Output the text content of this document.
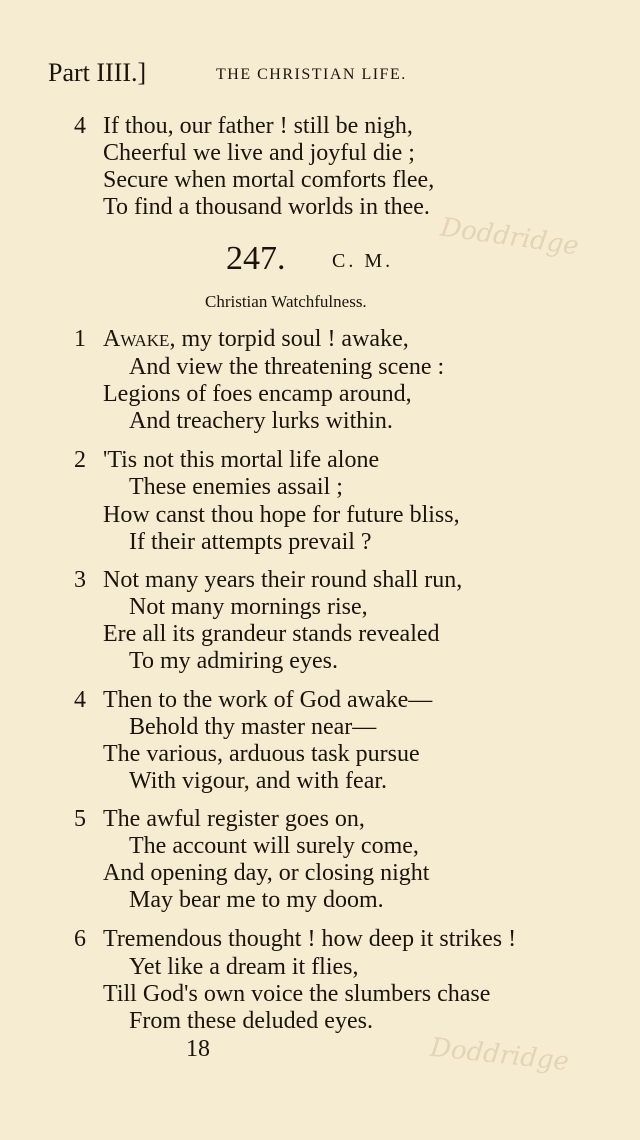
Part IIII.]	THE CHRISTIAN LIFE.
4 If thou, our father ! still be nigh,
Cheerful we live and joyful die ;
Secure when mortal comforts flee,
To find a thousand worlds in thee.
Doddridge
247. C. M.
Christian Watchfulness.
1 Awake, my torpid soul ! awake,
And view the threatening scene :
Legions of foes encamp around,
And treachery lurks within.
2 'Tis not this mortal life alone
These enemies assail ;
How canst thou hope for future bliss,
If their attempts prevail ?
3 Not many years their round shall run,
Not many mornings rise,
Ere all its grandeur stands revealed
To my admiring eyes.
4 Then to the work of God awake—
Behold thy master near—
The various, arduous task pursue
With vigour, and with fear.
5 The awful register goes on,
The account will surely come,
And opening day, or closing night
May bear me to my doom.
6 Tremendous thought ! how deep it strikes !
Yet like a dream it flies,
Till God's own voice the slumbers chase
From these deluded eyes.
18	Doddridge
